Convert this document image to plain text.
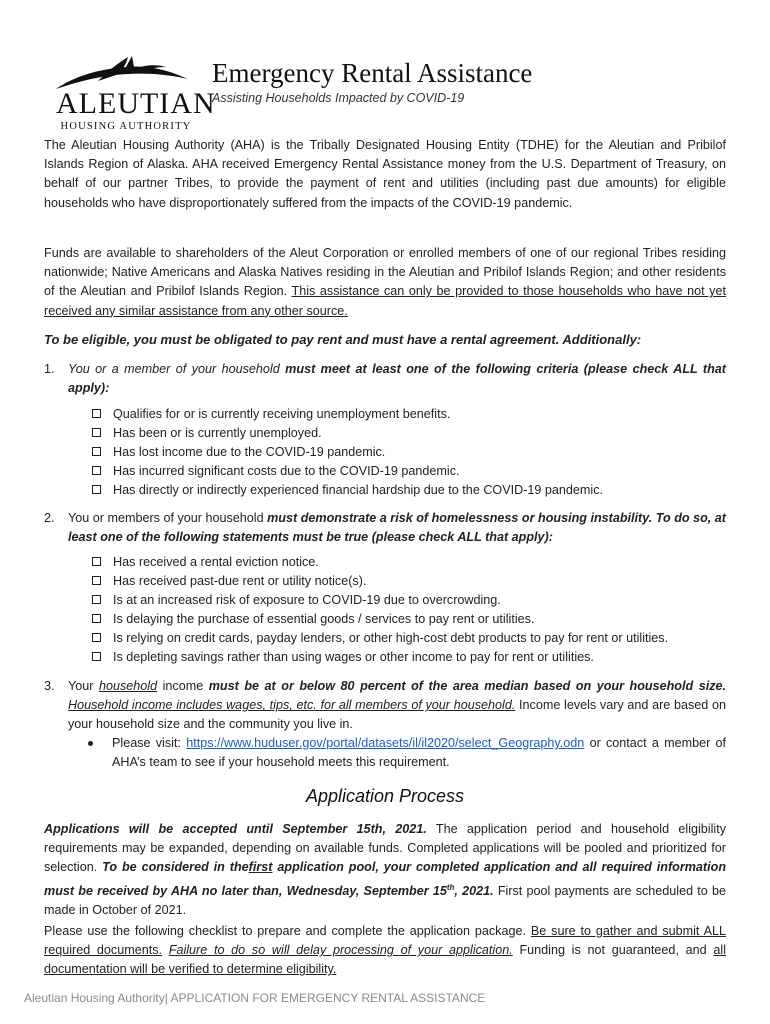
ALEUTIAN
HOUSING AUTHORITY
Emergency Rental Assistance
Assisting Households Impacted by COVID-19

The Aleutian Housing Authority (AHA) is the Tribally Designated Housing Entity (TDHE) for the Aleutian and Pribilof Islands Region of Alaska. AHA received Emergency Rental Assistance money from the U.S. Department of Treasury, on behalf of our partner Tribes, to provide the payment of rent and utilities (including past due amounts) for eligible households who have disproportionately suffered from the impacts of the COVID-19 pandemic.

Funds are available to shareholders of the Aleut Corporation or enrolled members of one of our regional Tribes residing nationwide; Native Americans and Alaska Natives residing in the Aleutian and Pribilof Islands Region; and other residents of the Aleutian and Pribilof Islands Region. This assistance can only be provided to those households who have not yet received any similar assistance from any other source.

To be eligible, you must be obligated to pay rent and must have a rental agreement. Additionally:
1.	You or a member of your household must meet at least one of the following criteria (please check ALL that apply):
Qualifies for or is currently receiving unemployment benefits.
Has been or is currently unemployed.
Has lost income due to the COVID-19 pandemic.
Has incurred significant costs due to the COVID-19 pandemic.
Has directly or indirectly experienced financial hardship due to the COVID-19 pandemic.
2.	You or members of your household must demonstrate a risk of homelessness or housing instability. To do so, at least one of the following statements must be true (please check ALL that apply):
Has received a rental eviction notice.
Has received past-due rent or utility notice(s).
Is at an increased risk of exposure to COVID-19 due to overcrowding.
Is delaying the purchase of essential goods / services to pay rent or utilities.
Is relying on credit cards, payday lenders, or other high-cost debt products to pay for rent or utilities.
Is depleting savings rather than using wages or other income to pay for rent or utilities.
3.	Your household income must be at or below 80 percent of the area median based on your household size. Household income includes wages, tips, etc. for all members of your household. Income levels vary and are based on your household size and the community you live in.
Please visit: https://www.huduser.gov/portal/datasets/il/il2020/select_Geography.odn or contact a member of AHA’s team to see if your household meets this requirement.
Application Process

Applications will be accepted until September 15th, 2021. The application period and household eligibility requirements may be expanded, depending on available funds. Completed applications will be pooled and prioritized for selection. To be considered in thefirst application pool, your completed application and all required information must be received by AHA no later than, Wednesday, September 15th, 2021. First pool payments are scheduled to be made in October of 2021.

Please use the following checklist to prepare and complete the application package. Be sure to gather and submit ALL required documents. Failure to do so will delay processing of your application. Funding is not guaranteed, and all documentation will be verified to determine eligibility.

Aleutian Housing Authority| APPLICATION FOR EMERGENCY RENTAL ASSISTANCE
